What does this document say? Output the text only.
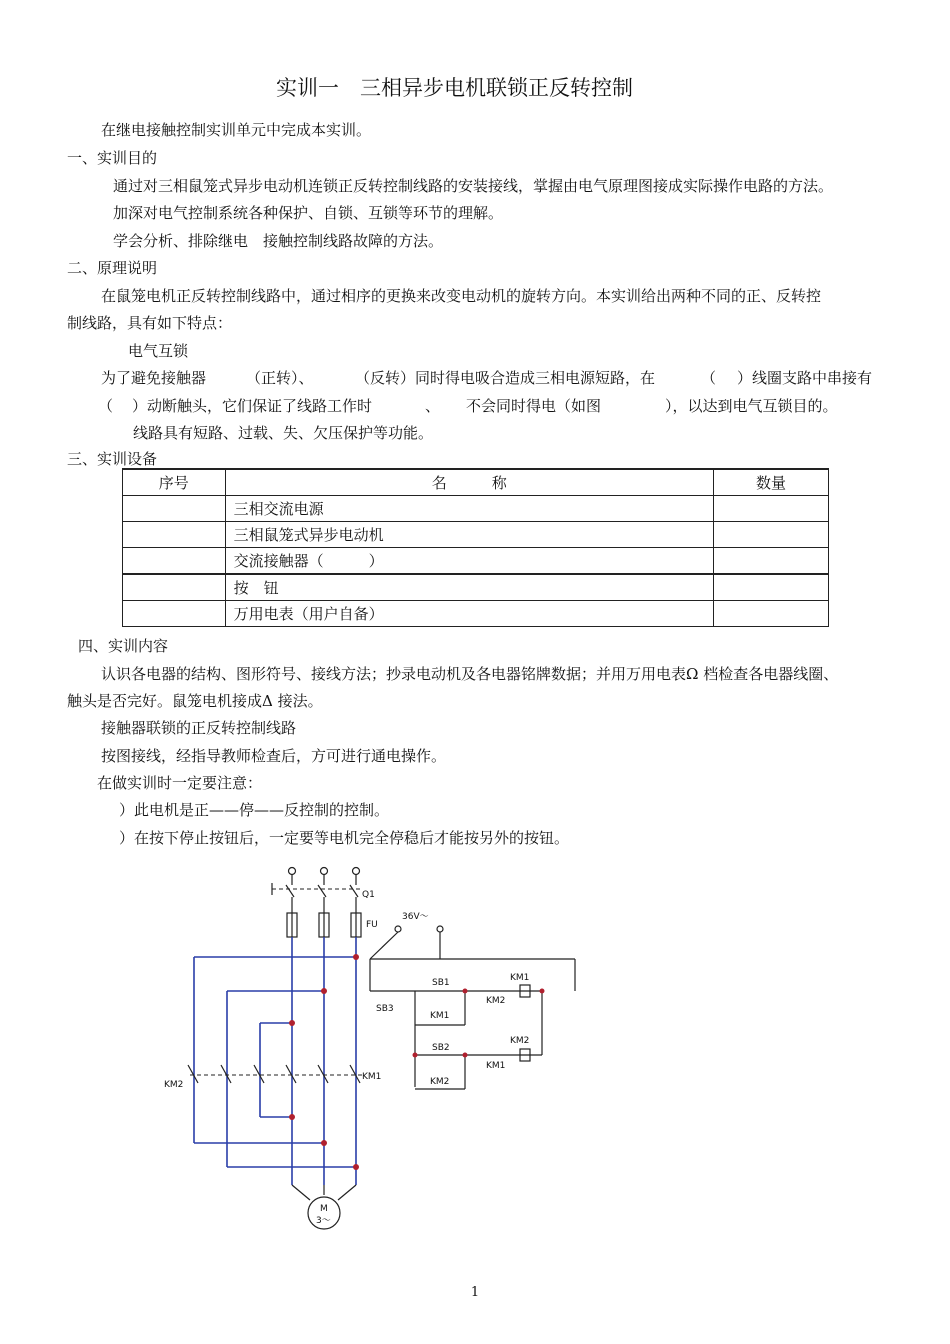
实训一　三相异步电机联锁正反转控制
在继电接触控制实训单元中完成本实训。
一、实训目的
通过对三相鼠笼式异步电动机连锁正反转控制线路的安装接线，掌握由电气原理图接成实际操作电路的方法。
加深对电气控制系统各种保护、自锁、互锁等环节的理解。
学会分析、排除继电　接触控制线路故障的方法。
二、原理说明
在鼠笼电机正反转控制线路中，通过相序的更换来改变电动机的旋转方向。本实训给出两种不同的正、反转控
制线路，具有如下特点：
电气互锁
为了避免接触器	（正转）、	（反转）同时得电吸合造成三相电源短路，在	（ ）线圈支路中串接有
（ ）动断触头，它们保证了线路工作时	、 不会同时得电（如图	），以达到电气互锁目的。
线路具有短路、过载、失、欠压保护等功能。
三、实训设备
序号	名　　　称	数量
	三相交流电源	
	三相鼠笼式异步电动机	
	交流接触器（　　　）	
	按　钮	
	万用电表（用户自备）	
四、实训内容
认识各电器的结构、图形符号、接线方法；抄录电动机及各电器铭牌数据；并用万用电表Ω 档检查各电器线圈、
触头是否完好。鼠笼电机接成Δ 接法。
接触器联锁的正反转控制线路
按图接线，经指导教师检查后，方可进行通电操作。
在做实训时一定要注意：
）此电机是正——停——反控制的控制。
）在按下停止按钮后，一定要等电机完全停稳后才能按另外的按钮。
Q1
FU
KM2
KM1
M
3～
36V～
SB3
SB1	KM1
KM2
KM1
SB2
KM2
KM1
KM2
1
